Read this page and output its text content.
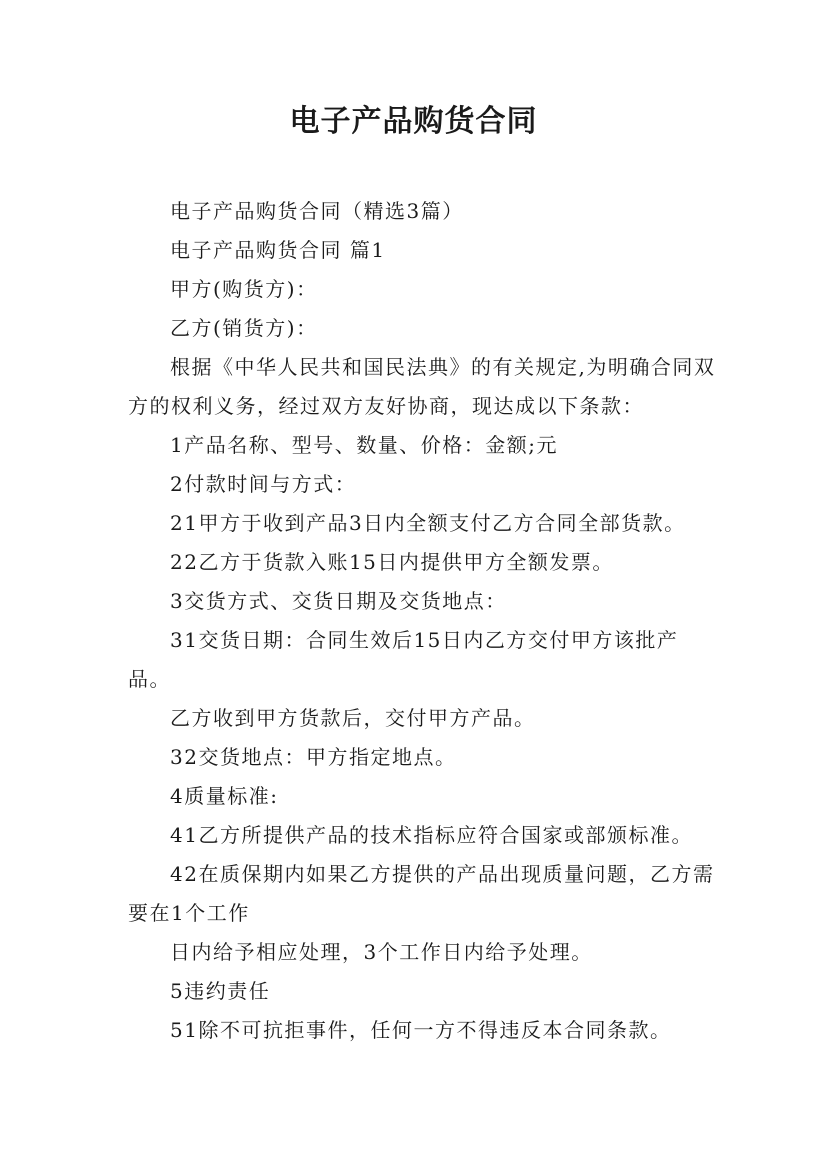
电子产品购货合同

电子产品购货合同（精选3篇）

电子产品购货合同 篇1

甲方(购货方)：

乙方(销货方)：

根据《中华人民共和国民法典》的有关规定,为明确合同双方的权利义务，经过双方友好协商，现达成以下条款：

1产品名称、型号、数量、价格：金额;元

2付款时间与方式：

21甲方于收到产品3日内全额支付乙方合同全部货款。

22乙方于货款入账15日内提供甲方全额发票。

3交货方式、交货日期及交货地点：

31交货日期：合同生效后15日内乙方交付甲方该批产品。

乙方收到甲方货款后，交付甲方产品。

32交货地点：甲方指定地点。

4质量标准:

41乙方所提供产品的技术指标应符合国家或部颁标准。

42在质保期内如果乙方提供的产品出现质量问题，乙方需要在1个工作

日内给予相应处理，3个工作日内给予处理。

5违约责任

51除不可抗拒事件，任何一方不得违反本合同条款。
